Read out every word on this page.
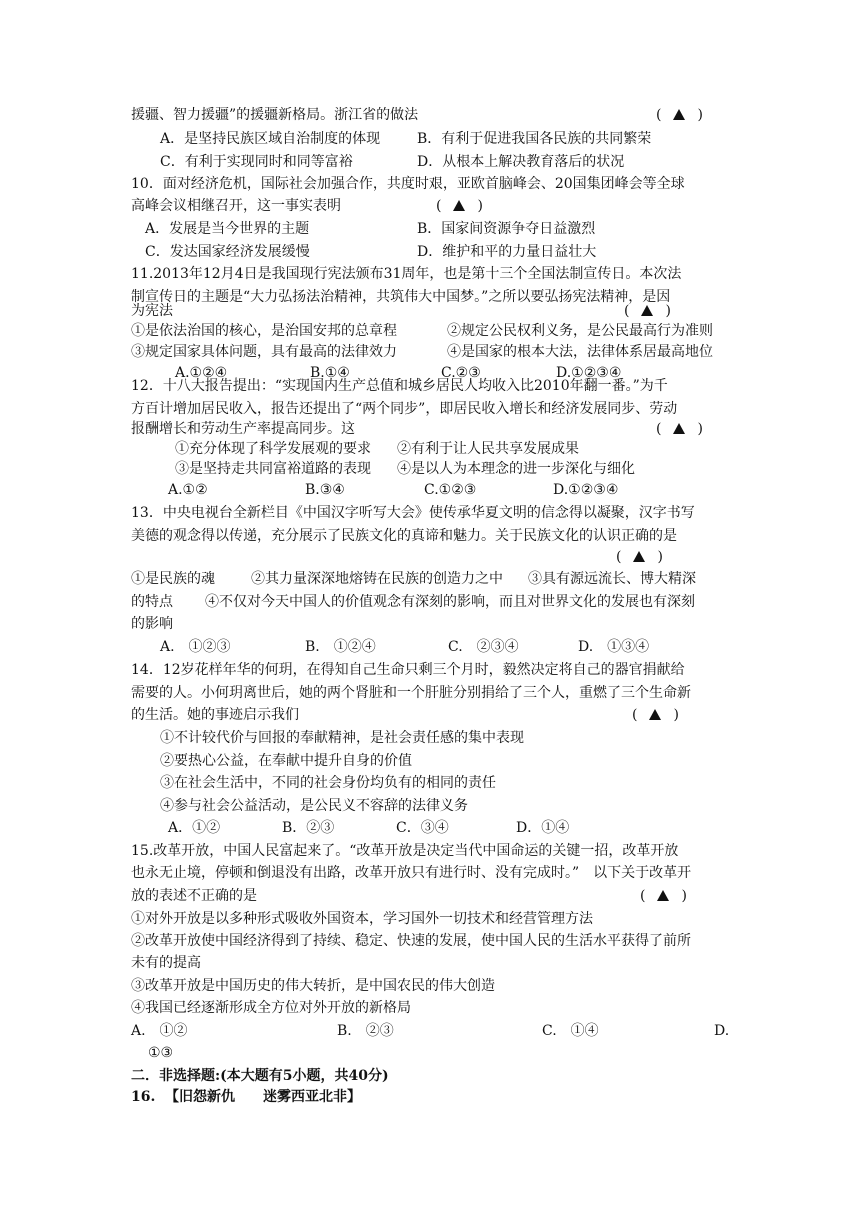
援疆、智力援疆”的援疆新格局。浙江省的做法	(	)
A．是坚持民族区域自治制度的体现	B．有利于促进我国各民族的共同繁荣
C．有利于实现同时和同等富裕	D．从根本上解决教育落后的状况
10．面对经济危机，国际社会加强合作，共度时艰，亚欧首脑峰会、20国集团峰会等全球
高峰会议相继召开，这一事实表明	(	)
A．发展是当今世界的主题	B．国家间资源争夺日益激烈
C．发达国家经济发展缓慢	D．维护和平的力量日益壮大
11.2013年12月4日是我国现行宪法颁布31周年，也是第十三个全国法制宣传日。本次法
制宣传日的主题是“大力弘扬法治精神，共筑伟大中国梦。”之所以要弘扬宪法精神，是因
为宪法	(	)
①是依法治国的核心，是治国安邦的总章程	②规定公民权利义务，是公民最高行为准则
③规定国家具体问题，具有最高的法律效力	④是国家的根本大法，法律体系居最高地位
A.①②④	B.①④	C.②③	D.①②③④
12．十八大报告提出：“实现国内生产总值和城乡居民人均收入比2010年翻一番。”为千
方百计增加居民收入，报告还提出了“两个同步”，即居民收入增长和经济发展同步、劳动
报酬增长和劳动生产率提高同步。这	(	)
①充分体现了科学发展观的要求 ②有利于让人民共享发展成果
③是坚持走共同富裕道路的表现 ④是以人为本理念的进一步深化与细化
A.①②	B.③④	C.①②③	D.①②③④
13．中央电视台全新栏目《中国汉字听写大会》使传承华夏文明的信念得以凝聚，汉字书写
美德的观念得以传递，充分展示了民族文化的真谛和魅力。关于民族文化的认识正确的是
(	)
①是民族的魂	②其力量深深地熔铸在民族的创造力之中 ③具有源远流长、博大精深
的特点 ④不仅对今天中国人的价值观念有深刻的影响，而且对世界文化的发展也有深刻
的影响
A.　①②③	B.　①②④	C.　②③④	D.　①③④
14．12岁花样年华的何玥，在得知自己生命只剩三个月时，毅然决定将自己的器官捐献给
需要的人。小何玥离世后，她的两个肾脏和一个肝脏分别捐给了三个人，重燃了三个生命新
的生活。她的事迹启示我们	(	)
①不计较代价与回报的奉献精神，是社会责任感的集中表现
②要热心公益，在奉献中提升自身的价值
③在社会生活中，不同的社会身份均负有的相同的责任
④参与社会公益活动，是公民义不容辞的法律义务
A．①②	B．②③	C．③④	D．①④
15.改革开放，中国人民富起来了。“改革开放是决定当代中国命运的关键一招，改革开放
也永无止境，停顿和倒退没有出路，改革开放只有进行时、没有完成时。”　以下关于改革开
放的表述不正确的是	(	)
①对外开放是以多种形式吸收外国资本，学习国外一切技术和经营管理方法
②改革开放使中国经济得到了持续、稳定、快速的发展，使中国人民的生活水平获得了前所
未有的提高
③改革开放是中国历史的伟大转折，是中国农民的伟大创造
④我国已经逐渐形成全方位对外开放的新格局
A.　①②	B.　②③	C.　①④	D.
①③
二．非选择题:(本大题有5小题，共40分)
16. 【旧怨新仇　　迷雾西亚北非】
